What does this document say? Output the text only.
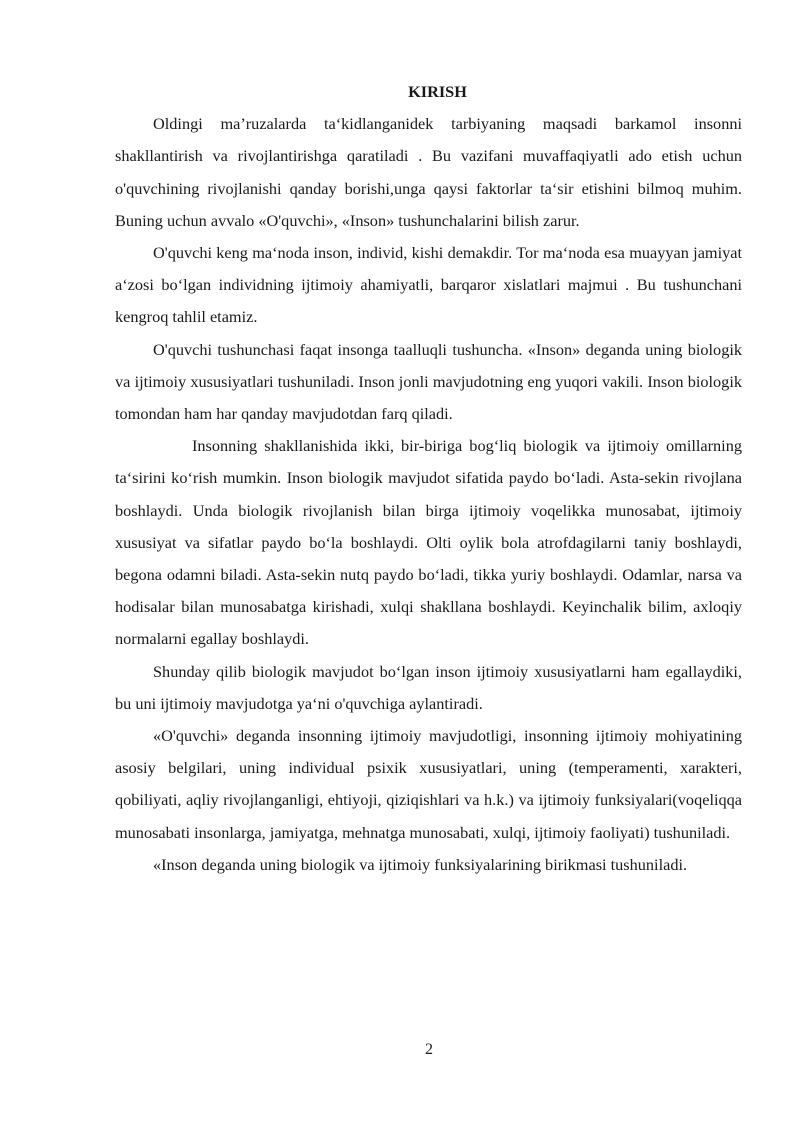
KIRISH

Oldingi ma’ruzalarda ta‘kidlanganidek tarbiyaning maqsadi barkamol insonni shakllantirish va rivojlantirishga qaratiladi . Bu vazifani muvaffaqiyatli ado etish uchun o'quvchining rivojlanishi qanday borishi,unga qaysi faktorlar ta‘sir etishini bilmoq muhim. Buning uchun avvalo «O'quvchi», «Inson» tushunchalarini bilish zarur.

O'quvchi keng ma‘noda inson, individ, kishi demakdir. Tor ma‘noda esa muayyan jamiyat a‘zosi bo‘lgan individning ijtimoiy ahamiyatli, barqaror xislatlari majmui . Bu tushunchani kengroq tahlil etamiz.

O'quvchi tushunchasi faqat insonga taalluqli tushuncha. «Inson» deganda uning biologik va ijtimoiy xususiyatlari tushuniladi. Inson jonli mavjudotning eng yuqori vakili. Inson biologik tomondan ham har qanday mavjudotdan farq qiladi.

Insonning shakllanishida ikki, bir-biriga bog‘liq biologik va ijtimoiy omillarning ta‘sirini ko‘rish mumkin. Inson biologik mavjudot sifatida paydo bo‘ladi. Asta-sekin rivojlana boshlaydi. Unda biologik rivojlanish bilan birga ijtimoiy voqelikka munosabat, ijtimoiy xususiyat va sifatlar paydo bo‘la boshlaydi. Olti oylik bola atrofdagilarni taniy boshlaydi, begona odamni biladi. Asta-sekin nutq paydo bo‘ladi, tikka yuriy boshlaydi. Odamlar, narsa va hodisalar bilan munosabatga kirishadi, xulqi shakllana boshlaydi. Keyinchalik bilim, axloqiy normalarni egallay boshlaydi.

Shunday qilib biologik mavjudot bo‘lgan inson ijtimoiy xususiyatlarni ham egallaydiki, bu uni ijtimoiy mavjudotga ya‘ni o'quvchiga aylantiradi.

«O'quvchi» deganda insonning ijtimoiy mavjudotligi, insonning ijtimoiy mohiyatining asosiy belgilari, uning individual psixik xususiyatlari, uning (temperamenti, xarakteri, qobiliyati, aqliy rivojlanganligi, ehtiyoji, qiziqishlari va h.k.) va ijtimoiy funksiyalari(voqeliqqa munosabati insonlarga, jamiyatga, mehnatga munosabati, xulqi, ijtimoiy faoliyati) tushuniladi.

«Inson deganda uning biologik va ijtimoiy funksiyalarining birikmasi tushuniladi.

2
